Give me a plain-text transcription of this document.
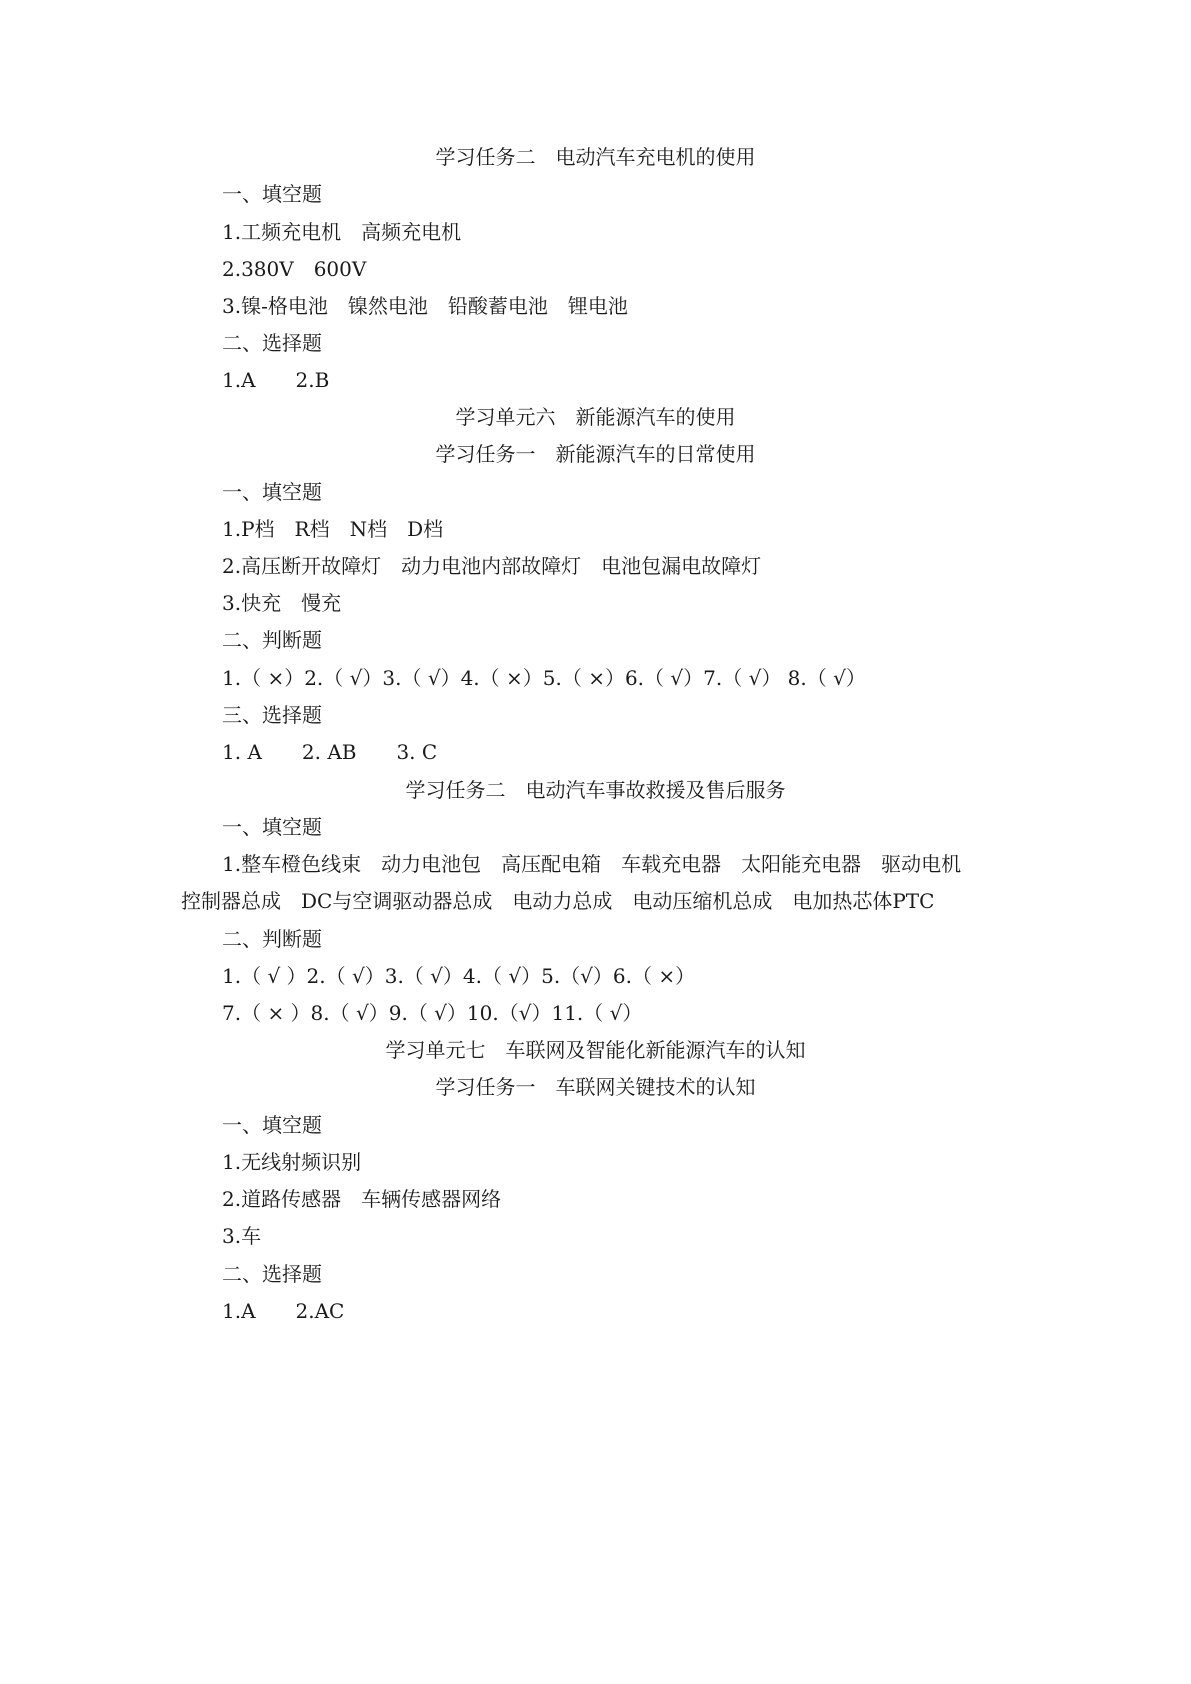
学习任务二　电动汽车充电机的使用
一、填空题
1.工频充电机　高频充电机
2.380V　600V
3.镍-格电池　镍然电池　铅酸蓄电池　锂电池
二、选择题
1.A　　2.B
学习单元六　新能源汽车的使用
学习任务一　新能源汽车的日常使用
一、填空题
1.P档　R档　N档　D档
2.高压断开故障灯　动力电池内部故障灯　电池包漏电故障灯
3.快充　慢充
二、判断题
1.（ ×）2.（ √）3.（ √）4.（ ×）5.（ ×）6.（ √）7.（ √） 8.（ √）
三、选择题
1. A　　2. AB　　3. C
学习任务二　电动汽车事故救援及售后服务
一、填空题
1.整车橙色线束　动力电池包　高压配电箱　车载充电器　太阳能充电器　驱动电机
控制器总成　DC与空调驱动器总成　电动力总成　电动压缩机总成　电加热芯体PTC
二、判断题
1.（ √ ）2.（ √）3.（ √）4.（ √）5.（√）6.（ ×）
7.（ × ）8.（ √）9.（ √）10.（√）11.（ √）
学习单元七　车联网及智能化新能源汽车的认知
学习任务一　车联网关键技术的认知
一、填空题
1.无线射频识别
2.道路传感器　车辆传感器网络
3.车
二、选择题
1.A　　2.AC
